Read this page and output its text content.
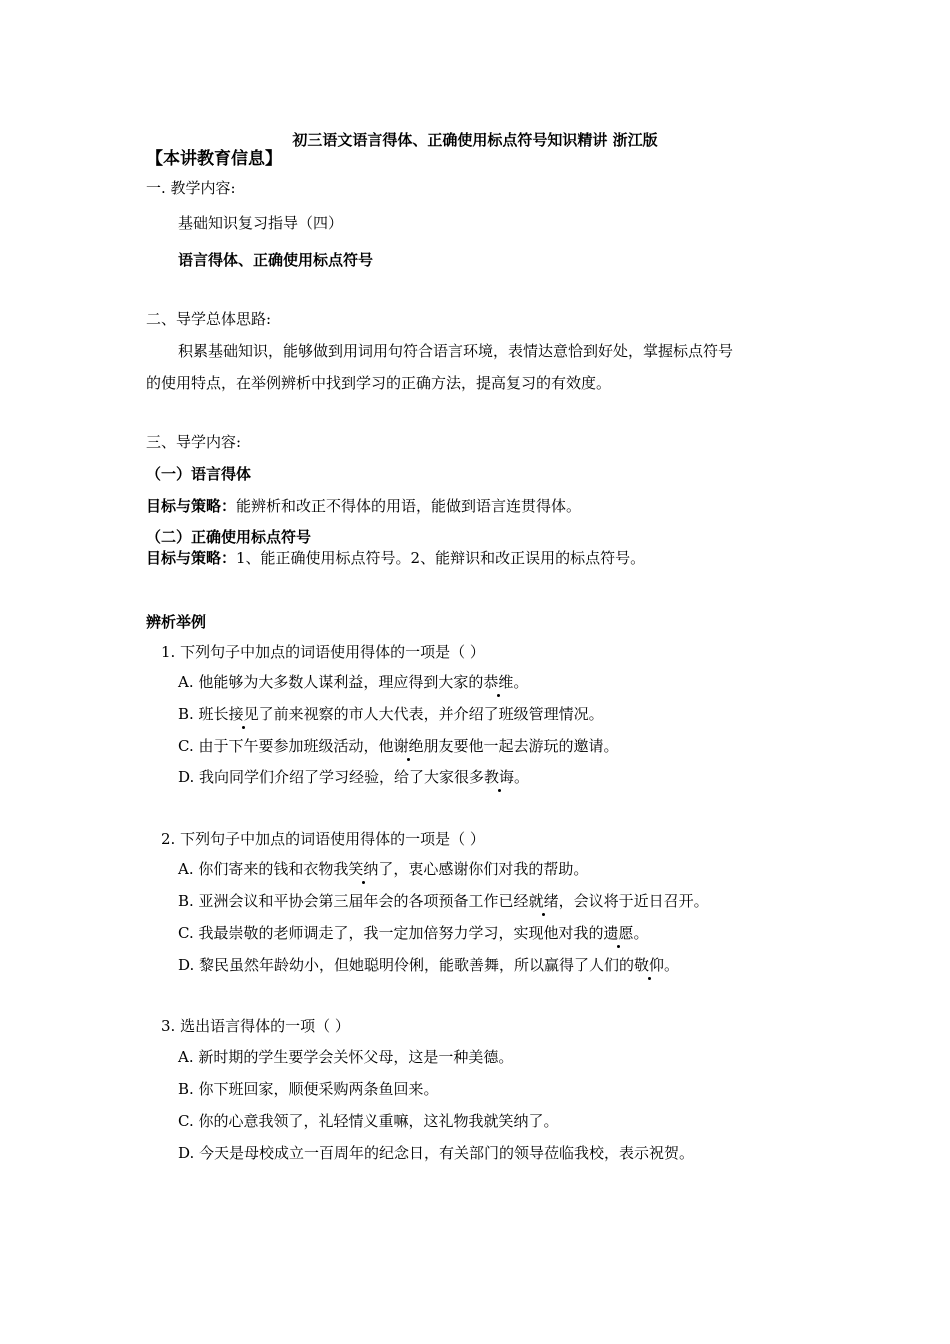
初三语文语言得体、正确使用标点符号知识精讲 浙江版
【本讲教育信息】
一. 教学内容:
基础知识复习指导（四）
语言得体、正确使用标点符号
二、导学总体思路:
积累基础知识，能够做到用词用句符合语言环境，表情达意恰到好处，掌握标点符号
的使用特点，在举例辨析中找到学习的正确方法，提高复习的有效度。
三、导学内容:
（一）语言得体
目标与策略：能辨析和改正不得体的用语，能做到语言连贯得体。
（二）正确使用标点符号
目标与策略：1、能正确使用标点符号。2、能辩识和改正误用的标点符号。
辨析举例
1. 下列句子中加点的词语使用得体的一项是（ ）
A. 他能够为大多数人谋利益，理应得到大家的恭维。
B. 班长接见了前来视察的市人大代表，并介绍了班级管理情况。
C. 由于下午要参加班级活动，他谢绝朋友要他一起去游玩的邀请。
D. 我向同学们介绍了学习经验，给了大家很多教诲。
2. 下列句子中加点的词语使用得体的一项是（ ）
A. 你们寄来的钱和衣物我笑纳了，衷心感谢你们对我的帮助。
B. 亚洲会议和平协会第三届年会的各项预备工作已经就绪，会议将于近日召开。
C. 我最崇敬的老师调走了，我一定加倍努力学习，实现他对我的遗愿。
D. 黎民虽然年龄幼小，但她聪明伶俐，能歌善舞，所以赢得了人们的敬仰。
3. 选出语言得体的一项（ ）
A. 新时期的学生要学会关怀父母，这是一种美德。
B. 你下班回家，顺便采购两条鱼回来。
C. 你的心意我领了，礼轻情义重嘛，这礼物我就笑纳了。
D. 今天是母校成立一百周年的纪念日，有关部门的领导莅临我校，表示祝贺。
